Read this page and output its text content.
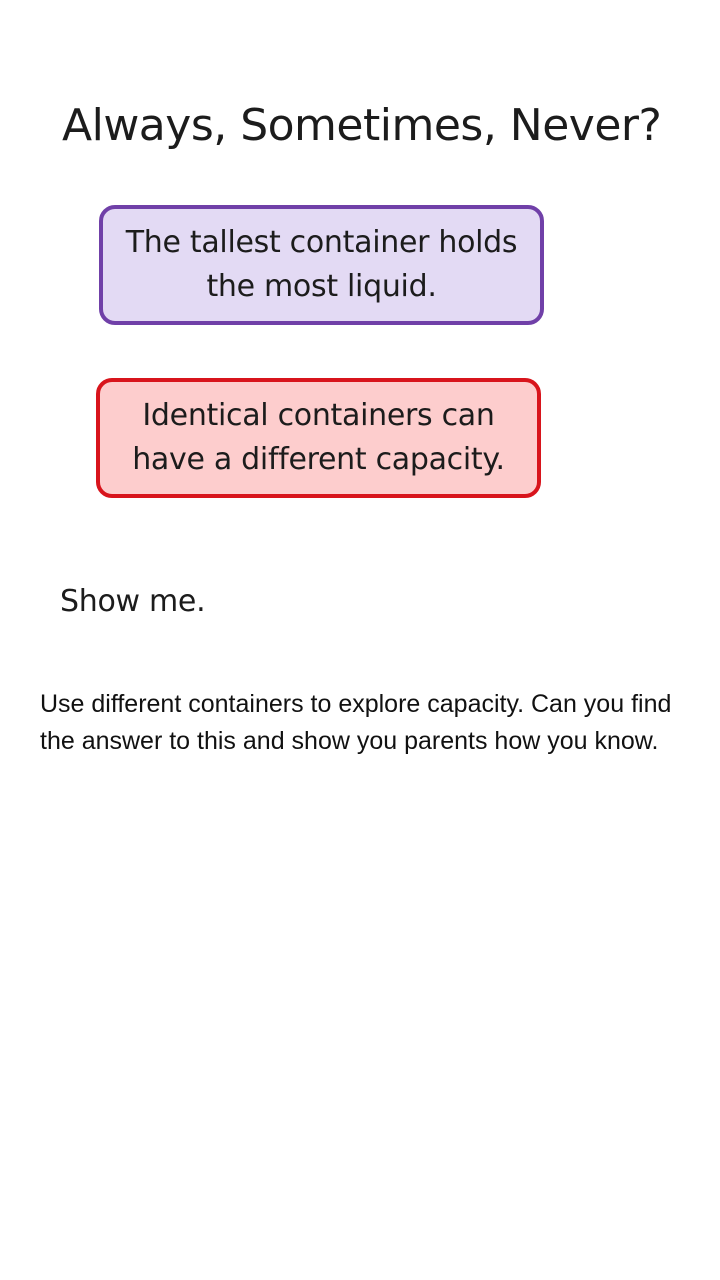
Always, Sometimes, Never?
The tallest container holds
the most liquid.
Identical containers can
have a different capacity.
Show me.

Use different containers to explore capacity. Can you find the answer to this and show you parents how you know.
